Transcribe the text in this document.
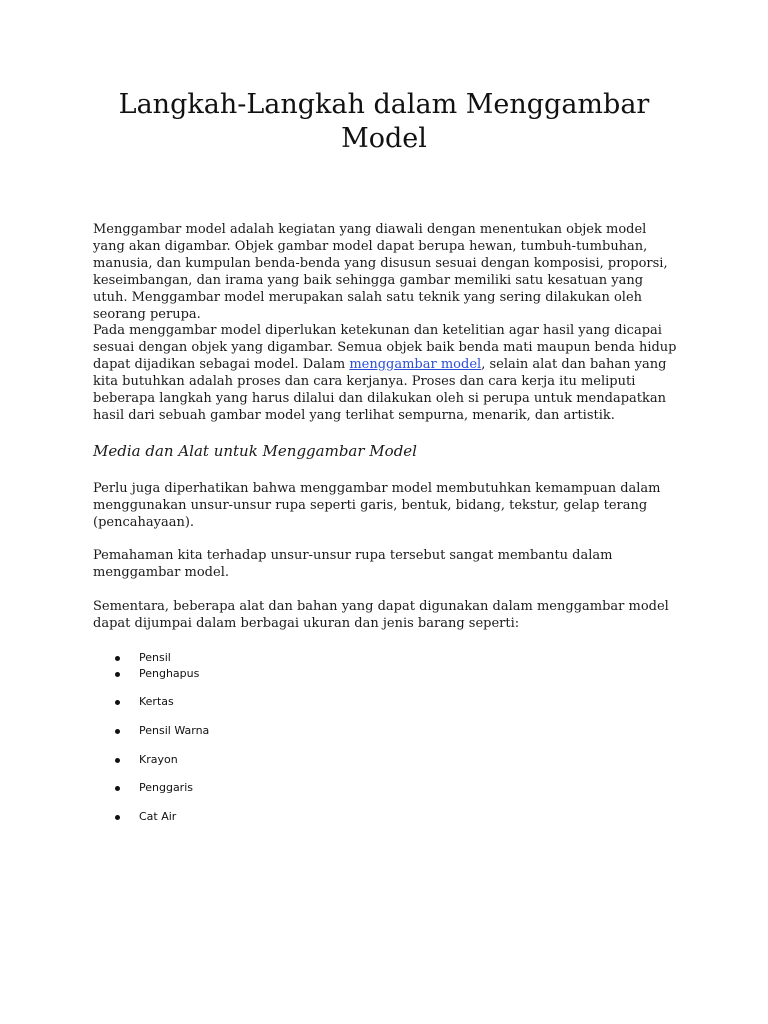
Langkah-Langkah dalam Menggambar Model

Menggambar model adalah kegiatan yang diawali dengan menentukan objek model yang akan digambar. Objek gambar model dapat berupa hewan, tumbuh-tumbuhan, manusia, dan kumpulan benda-benda yang disusun sesuai dengan komposisi, proporsi, keseimbangan, dan irama yang baik sehingga gambar memiliki satu kesatuan yang utuh. Menggambar model merupakan salah satu teknik yang sering dilakukan oleh seorang perupa.

Pada menggambar model diperlukan ketekunan dan ketelitian agar hasil yang dicapai sesuai dengan objek yang digambar. Semua objek baik benda mati maupun benda hidup dapat dijadikan sebagai model. Dalam menggambar model, selain alat dan bahan yang kita butuhkan adalah proses dan cara kerjanya. Proses dan cara kerja itu meliputi beberapa langkah yang harus dilalui dan dilakukan oleh si perupa untuk mendapatkan hasil dari sebuah gambar model yang terlihat sempurna, menarik, dan artistik.

Media dan Alat untuk Menggambar Model

Perlu juga diperhatikan bahwa menggambar model membutuhkan kemampuan dalam menggunakan unsur-unsur rupa seperti garis, bentuk, bidang, tekstur, gelap terang (pencahayaan).

Pemahaman kita terhadap unsur-unsur rupa tersebut sangat membantu dalam menggambar model.

Sementara, beberapa alat dan bahan yang dapat digunakan dalam menggambar model dapat dijumpai dalam berbagai ukuran dan jenis barang seperti:

Pensil
Penghapus
Kertas
Pensil Warna
Krayon
Penggaris
Cat Air
